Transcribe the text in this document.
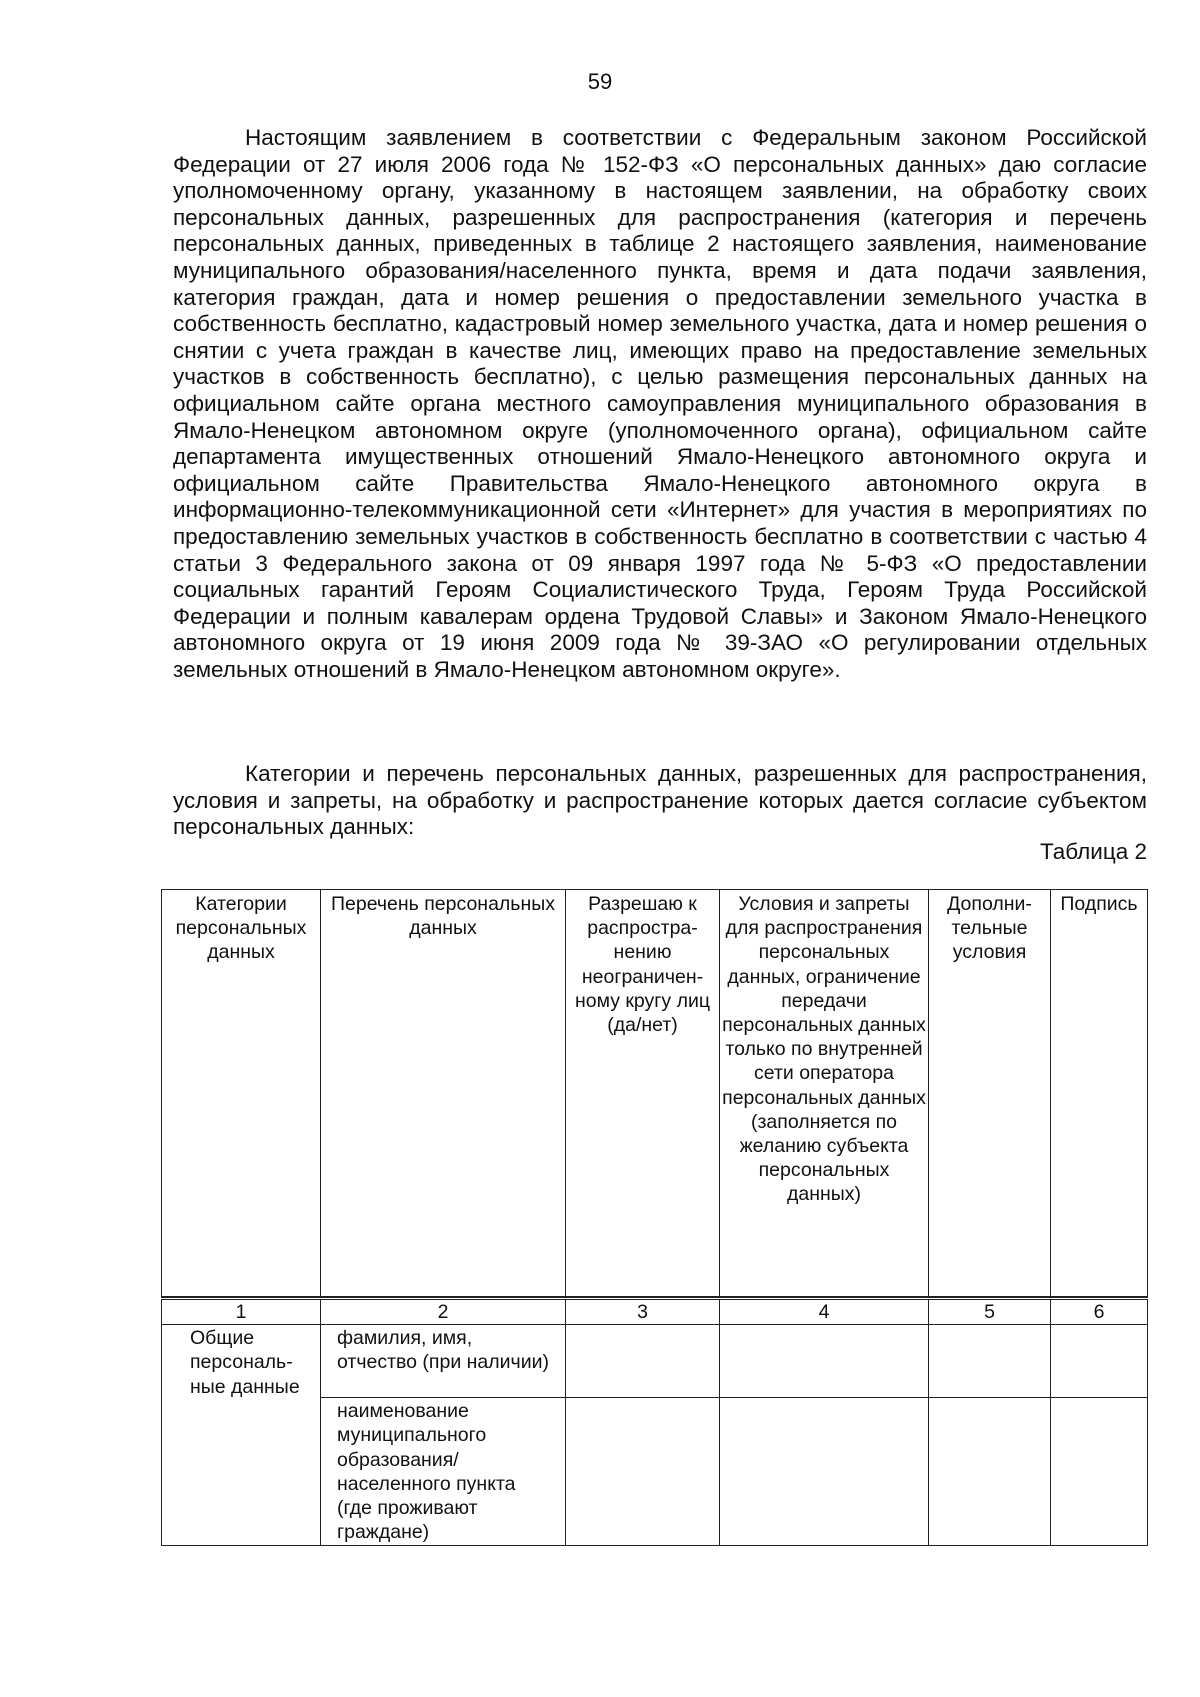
59

Настоящим заявлением в соответствии с Федеральным законом Российской Федерации от 27 июля 2006 года № 152-ФЗ «О персональных данных» даю согласие уполномоченному органу, указанному в настоящем заявлении, на обработку своих персональных данных, разрешенных для распространения (категория и перечень персональных данных, приведенных в таблице 2 настоящего заявления, наименование муниципального образования/населенного пункта, время и дата подачи заявления, категория граждан, дата и номер решения о предоставлении земельного участка в собственность бесплатно, кадастровый номер земельного участка, дата и номер решения о снятии с учета граждан в качестве лиц, имеющих право на предоставление земельных участков в собственность бесплатно), с целью размещения персональных данных на официальном сайте органа местного самоуправления муниципального образования в Ямало-Ненецком автономном округе (уполномоченного органа), официальном сайте департамента имущественных отношений Ямало-Ненецкого автономного округа и официальном сайте Правительства Ямало-Ненецкого автономного округа в информационно-телекоммуникационной сети «Интернет» для участия в мероприятиях по предоставлению земельных участков в собственность бесплатно в соответствии с частью 4 статьи 3 Федерального закона от 09 января 1997 года № 5-ФЗ «О предоставлении социальных гарантий Героям Социалистического Труда, Героям Труда Российской Федерации и полным кавалерам ордена Трудовой Славы» и Законом Ямало-Ненецкого автономного округа от 19 июня 2009 года № 39-ЗАО «О регулировании отдельных земельных отношений в Ямало-Ненецком автономном округе».

Категории и перечень персональных данных, разрешенных для распространения, условия и запреты, на обработку и распространение которых дается согласие субъектом персональных данных:

Таблица 2
Категории персональных данных	Перечень персональных данных	Разрешаю к распростра-нению неограничен-ному кругу лиц (да/нет)	Условия и запреты для распространения персональных данных, ограничение передачи персональных данных только по внутренней сети оператора персональных данных (заполняется по желанию субъекта персональных данных)	Дополни-тельные условия	Подпись

1	2	3	4	5	6
Общие персональ-ные данные	фамилия, имя, отчество (при наличии)				
	наименование муниципального образования/ населенного пункта (где проживают граждане)				
